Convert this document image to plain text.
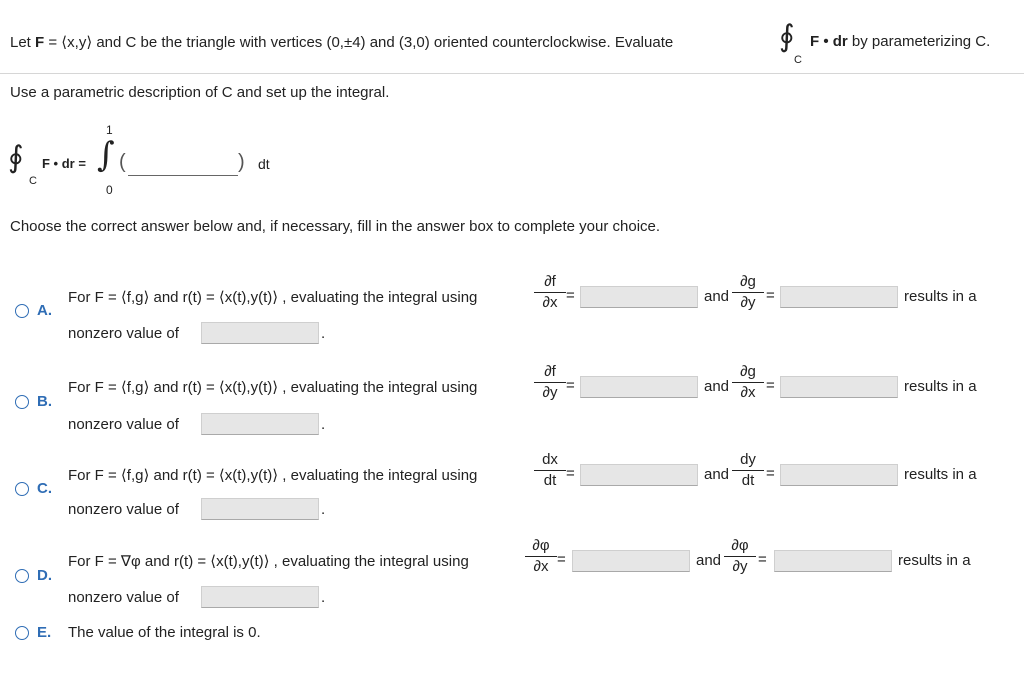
Let F = ⟨x,y⟩ and C be the triangle with vertices (0,±4) and (3,0) oriented counterclockwise. Evaluate	∮
C
F • dr by parameterizing C.
Use a parametric description of C and set up the integral.
∮
C
F • dr =
1
∫
0
(	) dt
Choose the correct answer below and, if necessary, fill in the answer box to complete your choice.
A.
For F = ⟨f,g⟩ and r(t) = ⟨x(t),y(t)⟩ , evaluating the integral using
∂f
∂x =	and
∂g
∂y =	results in a
nonzero value of	.
B.
For F = ⟨f,g⟩ and r(t) = ⟨x(t),y(t)⟩ , evaluating the integral using
∂f
∂y =	and
∂g
∂x =	results in a
nonzero value of	.
C.
For F = ⟨f,g⟩ and r(t) = ⟨x(t),y(t)⟩ , evaluating the integral using
dx
dt =	and
dy
dt =	results in a
nonzero value of	.
D.
For F = ∇φ and r(t) = ⟨x(t),y(t)⟩ , evaluating the integral using
∂φ
∂x =	and
∂φ
∂y =	results in a
nonzero value of	.
E. The value of the integral is 0.
